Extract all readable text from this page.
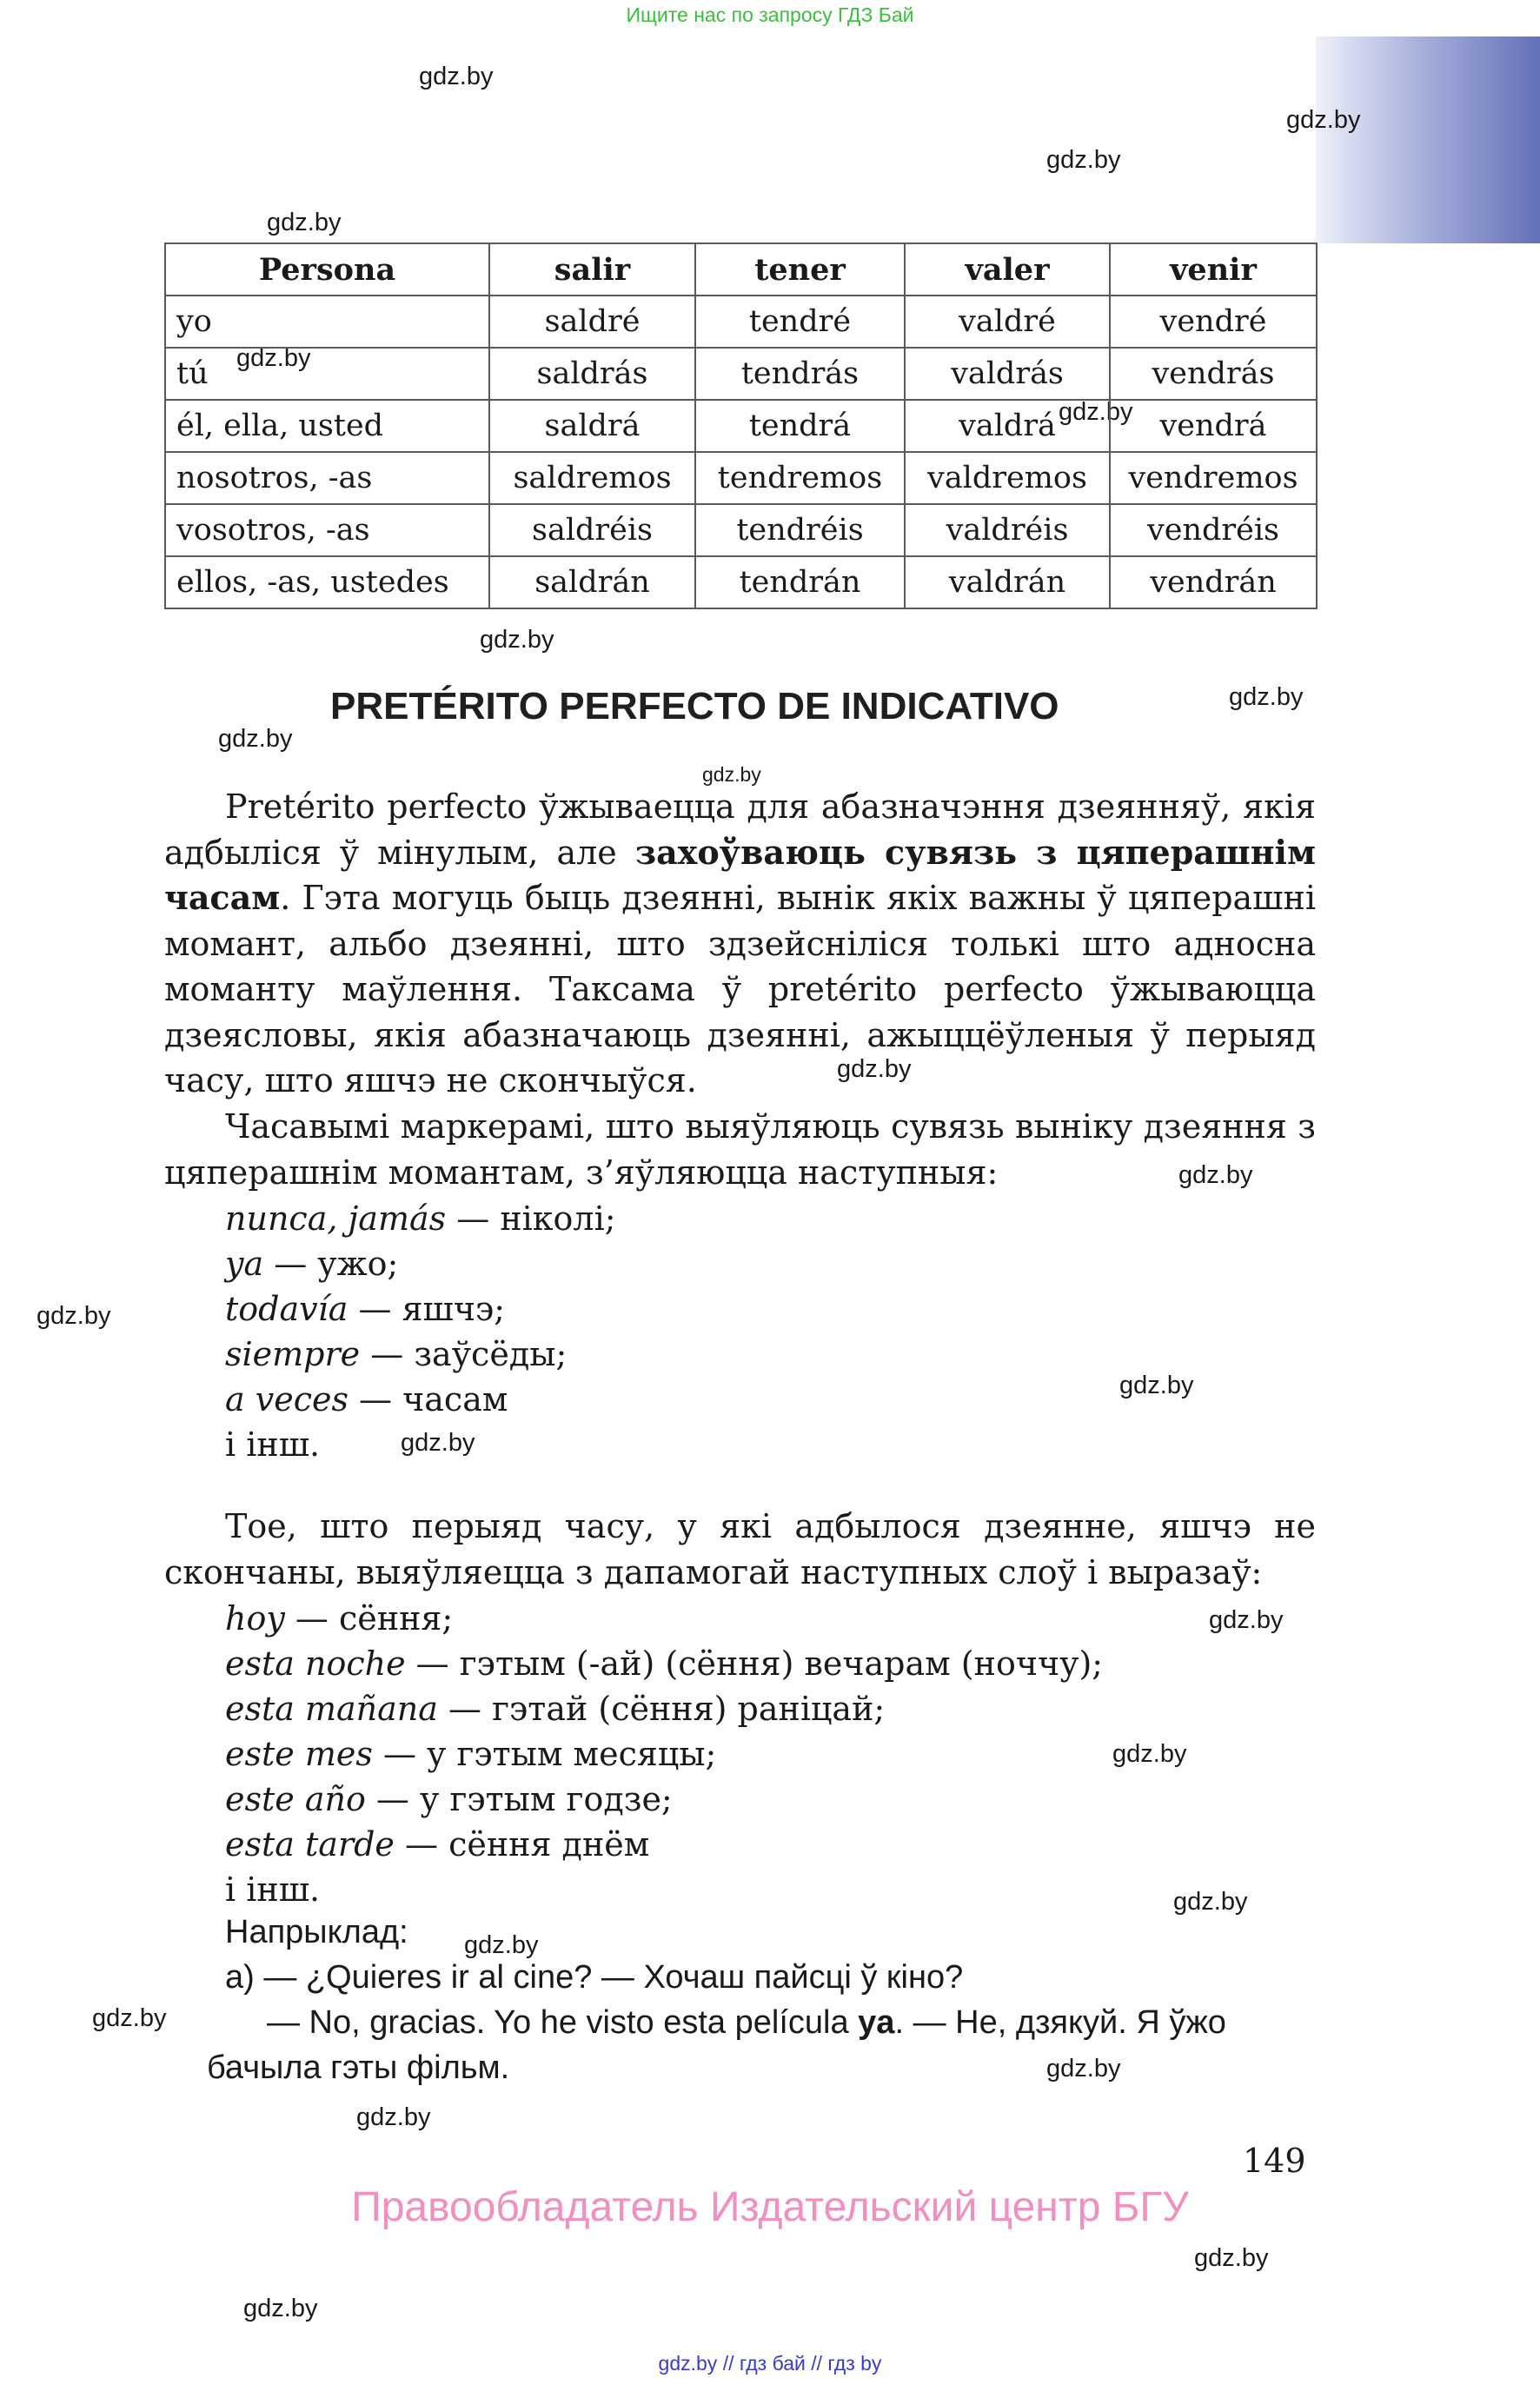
Ищите нас по запросу ГДЗ Бай
gdz.by
gdz.by
gdz.by
gdz.by
gdz.by
gdz.by
gdz.by
gdz.by
gdz.by
gdz.by
gdz.by
gdz.by
gdz.by
gdz.by
gdz.by
gdz.by
gdz.by
gdz.by
gdz.by
gdz.by
gdz.by
gdz.by
gdz.by
gdz.by
Persona	salir	tener	valer	venir
yo	saldré	tendré	valdré	vendré
tú	saldrás	tendrás	valdrás	vendrás
él, ella, usted	saldrá	tendrá	valdrá	vendrá
nosotros, -as	saldremos	tendremos	valdremos	vendremos
vosotros, -as	saldréis	tendréis	valdréis	vendréis
ellos, -as, ustedes	saldrán	tendrán	valdrán	vendrán
PRETÉRITO PERFECTO DE INDICATIVO

Pretérito perfecto ўжываецца для абазначэння дзеянняў, якія адбыліся ў мінулым, але захоўваюць сувязь з цяперашнім часам. Гэта могуць быць дзеянні, вынік якіх важны ў цяперашні момант, альбо дзеянні, што здзейсніліся толькі што адносна моманту маўлення. Таксама ў pretérito perfecto ўжываюцца дзеясловы, якія абазначаюць дзеянні, ажыццёўленыя ў перыяд часу, што яшчэ не скончыўся.

Часавымі маркерамі, што выяўляюць сувязь выніку дзеяння з цяперашнім момантам, з’яўляюцца наступныя:

nunca, jamás — ніколі;
ya — ужо;
todavía — яшчэ;
siempre — заўсёды;
a veces — часам
і інш.

Тое, што перыяд часу, у які адбылося дзеянне, яшчэ не скончаны, выяўляецца з дапамогай наступных слоў і выразаў:

hoy — сёння;
esta noche — гэтым (-ай) (сёння) вечарам (ноччу);
esta mañana — гэтай (сёння) раніцай;
este mes — у гэтым месяцы;
este año — у гэтым годзе;
esta tarde — сёння днём
і інш.
Напрыклад:
а) — ¿Quieres ir al cine? — Хочаш пайсці ў кіно?
— No, gracias. Yo he visto esta película ya. — Не, дзякуй. Я ўжо
бачыла гэты фільм.
149
Правообладатель Издательский центр БГУ
gdz.by // гдз бай // гдз by
